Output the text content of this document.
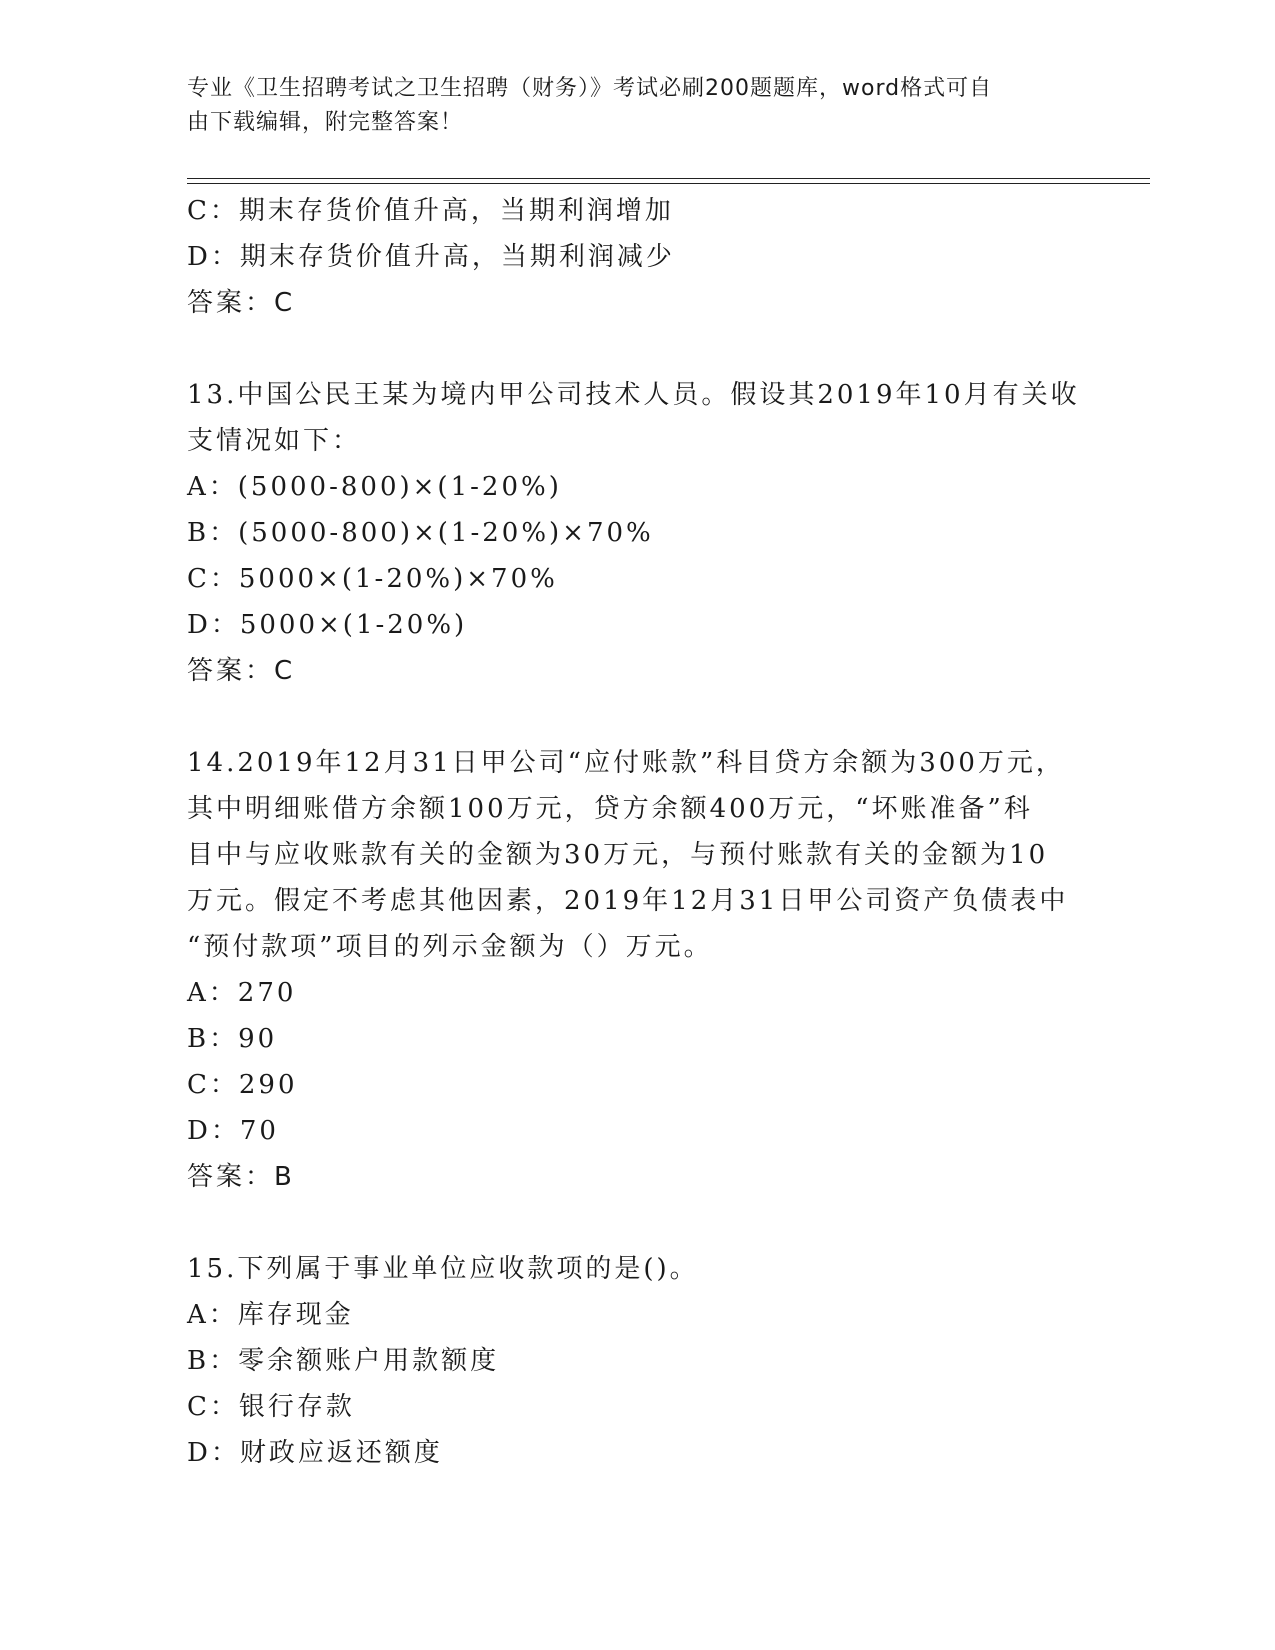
专业《卫生招聘考试之卫生招聘（财务）》考试必刷200题题库，word格式可自
由下载编辑，附完整答案！
C：期末存货价值升高，当期利润增加
D：期末存货价值升高，当期利润减少
答案：C
13.中国公民王某为境内甲公司技术人员。假设其2019年10月有关收
支情况如下：
A：(5000-800)×(1-20%)
B：(5000-800)×(1-20%)×70%
C：5000×(1-20%)×70%
D：5000×(1-20%)
答案：C
14.2019年12月31日甲公司“应付账款”科目贷方余额为300万元，
其中明细账借方余额100万元，贷方余额400万元，“坏账准备”科
目中与应收账款有关的金额为30万元，与预付账款有关的金额为10
万元。假定不考虑其他因素，2019年12月31日甲公司资产负债表中
“预付款项”项目的列示金额为（）万元。
A：270
B：90
C：290
D：70
答案：B
15.下列属于事业单位应收款项的是()。
A：库存现金
B：零余额账户用款额度
C：银行存款
D：财政应返还额度
